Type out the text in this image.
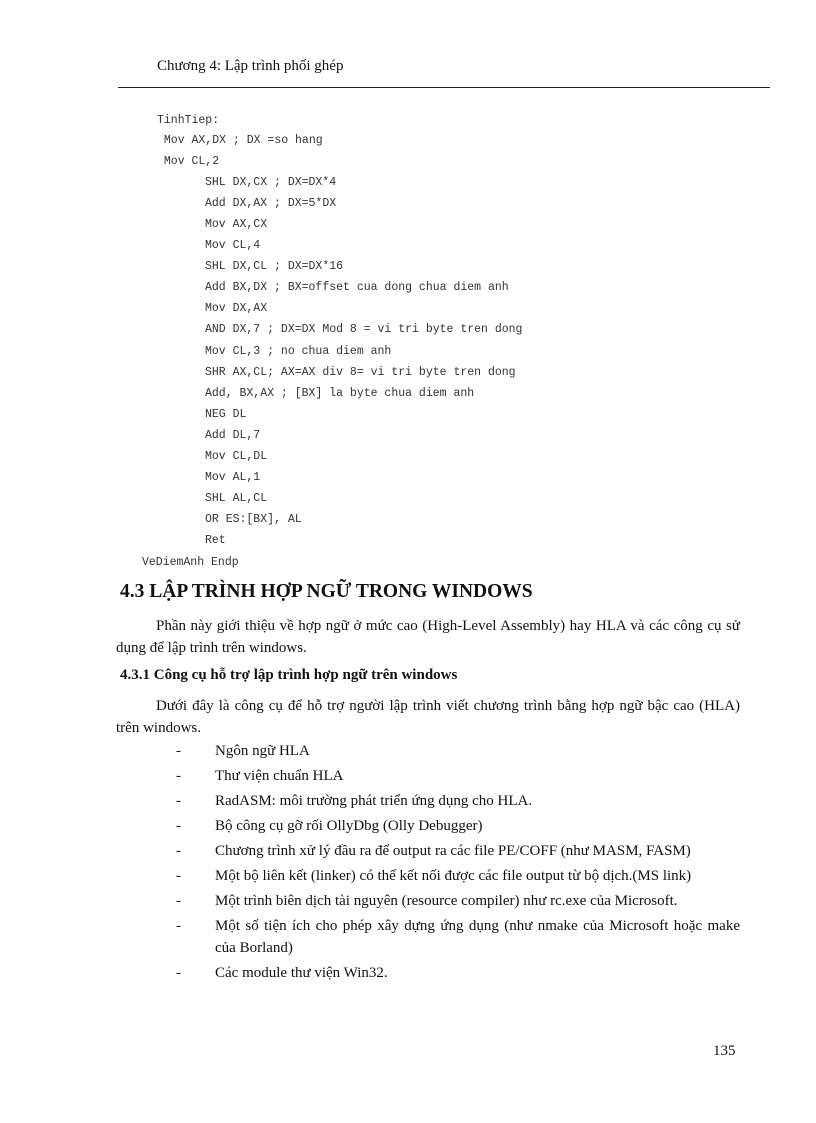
Chương 4: Lập trình phối ghép
TinhTiep:
Mov AX,DX ; DX =so hang
Mov CL,2
SHL DX,CX ; DX=DX*4
Add DX,AX ; DX=5*DX
Mov AX,CX
Mov CL,4
SHL DX,CL ; DX=DX*16
Add BX,DX ; BX=offset cua dong chua diem anh
Mov DX,AX
AND DX,7 ; DX=DX Mod 8 = vi tri byte tren dong
Mov CL,3 ; no chua diem anh
SHR AX,CL; AX=AX div 8= vi tri byte tren dong
Add, BX,AX ; [BX] la byte chua diem anh
NEG DL
Add DL,7
Mov CL,DL
Mov AL,1
SHL AL,CL
OR ES:[BX], AL
Ret
VeDiemAnh Endp
4.3 LẬP TRÌNH HỢP NGỮ TRONG WINDOWS
Phần này giới thiệu về hợp ngữ ở mức cao (High-Level Assembly) hay HLA và các công cụ sử dụng để lập trình trên windows.
4.3.1 Công cụ hỗ trợ lập trình hợp ngữ trên windows
Dưới đây là công cụ để hỗ trợ người lập trình viết chương trình bằng hợp ngữ bậc cao (HLA) trên windows.
- Ngôn ngữ HLA
- Thư viện chuẩn HLA
- RadASM: môi trường phát triển ứng dụng cho HLA.
- Bộ công cụ gỡ rối OllyDbg (Olly Debugger)
- Chương trình xử lý đầu ra để output ra các file PE/COFF (như MASM, FASM)
- Một bộ liên kết (linker) có thể kết nối được các file output từ bộ dịch.(MS link)
- Một trình biên dịch tài nguyên (resource compiler) như rc.exe của Microsoft.
- Một số tiện ích cho phép xây dựng ứng dụng (như nmake của Microsoft hoặc make của Borland)
- Các module thư viện Win32.
135
